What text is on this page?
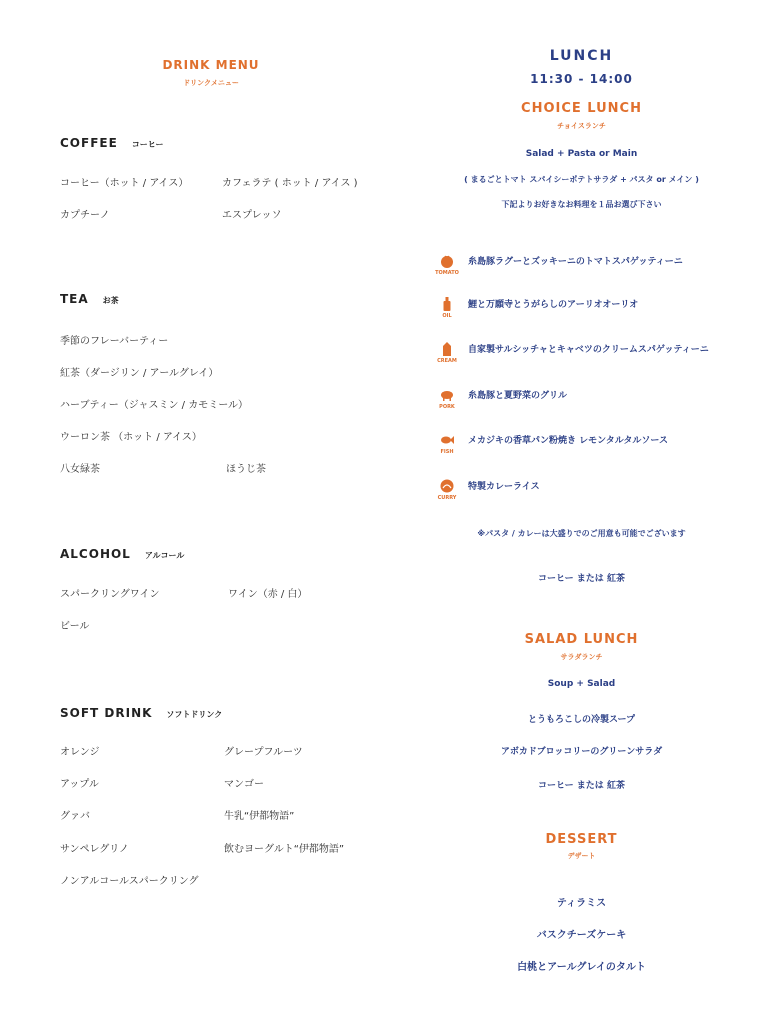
DRINK MENU
ドリンクメニュー
COFFEE コーヒー
コーヒー（ホット / アイス）	カフェラテ ( ホット / アイス )
カプチーノ	エスプレッソ
TEA お茶
季節のフレーバーティー
紅茶（ダージリン / アールグレイ）
ハーブティー（ジャスミン / カモミール）
ウーロン茶 （ホット / アイス）
八女緑茶	ほうじ茶
ALCOHOL アルコール
スパークリングワイン	ワイン（赤 / 白）
ビール
SOFT DRINK ソフトドリンク
オレンジ	グレープフルーツ
アップル	マンゴー
グァバ	牛乳“伊都物語”
サンペレグリノ	飲むヨーグルト“伊都物語”
ノンアルコールスパークリング
LUNCH
11:30 - 14:00
CHOICE LUNCH
チョイスランチ
Salad + Pasta or Main
( まるごとトマト スパイシーポテトサラダ + パスタ or メイン )
下記よりお好きなお料理を１品お選び下さい
TOMATO
糸島豚ラグーとズッキーニのトマトスパゲッティーニ
OIL
鯉と万願寺とうがらしのアーリオオーリオ
CREAM
自家製サルシッチャとキャベツのクリームスパゲッティーニ
PORK
糸島豚と夏野菜のグリル
FISH
メカジキの香草パン粉焼き レモンタルタルソース
CURRY
特製カレーライス
※パスタ / カレーは大盛りでのご用意も可能でございます
コーヒー または 紅茶
SALAD LUNCH
サラダランチ
Soup + Salad
とうもろこしの冷製スープ
アボカドブロッコリーのグリーンサラダ
コーヒー または 紅茶
DESSERT
デザート
ティラミス
バスクチーズケーキ
白桃とアールグレイのタルト
